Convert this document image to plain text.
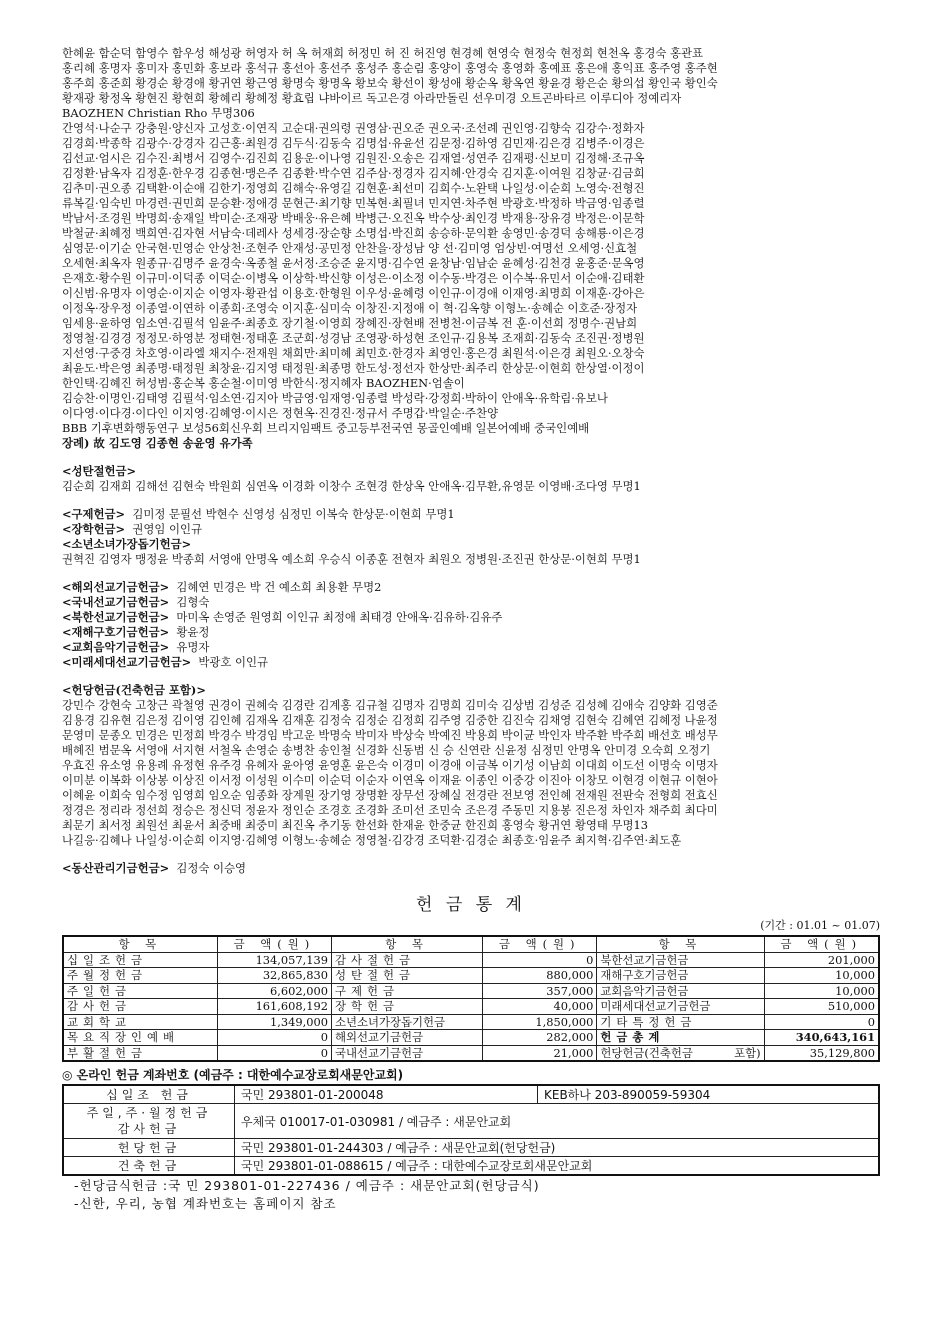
한혜윤 함순덕 함영수 함우성 해성광 허영자 허 옥 허재희 허정민 허 진 허진영 현경혜 현영숙 현정숙 현정희 현천옥 홍경숙 홍관표

홍리혜 홍명자 홍미자 홍민화 홍보라 홍석규 홍선아 홍선주 홍성주 홍순림 홍양이 홍영숙 홍영화 홍예표 홍은애 홍익표 홍주영 홍주현

홍주희 홍준희 황경순 황경애 황귀연 황근영 황명숙 황명옥 황보숙 황선이 황성애 황순옥 황옥연 황윤경 황은순 황의섭 황인국 황인숙

황재광 황정옥 황현진 황현희 황혜리 황혜정 황효립 냐바이르 독고은경 아라만돌린 선우미경 오트곤바타르 이루디아 정예리자

BAOZHEN Christian Rho 무명306

간영석·나순구 강충원·양신자 고성호·이연직 고순대·권의령 권영삼·권오준 권오국·조선례 권인영·김향숙 김강수·정화자

김경희·박종학 김광수·강경자 김근홍·최원경 김두식·김동숙 김명섭·유윤선 김문정·김하영 김민재·김은경 김병주·이경은

김선교·엄시은 김수진·최병서 김영수·김진희 김용운·이나영 김원진·오송은 김재열·성연주 김재평·신보미 김정해·조규옥

김정환·남옥자 김정훈·한우경 김종현·맹은주 김종환·박수연 김주삼·정경자 김지혜·안경숙 김지훈·이여원 김창균·김금희

김추미·권오종 김택환·이순애 김한기·정영희 김해숙·유영길 김현훈·최선미 김희수·노완택 나일성·이순희 노영숙·전형진

류복길·임숙빈 마경련·권민희 문승환·정애경 문현근·최기향 민복현·최필녀 민지연·차주현 박광호·박정하 박금영·임종렬

박남서·조경원 박명희·송재일 박미순·조재광 박배웅·유은혜 박병근·오진옥 박수상·최인경 박재용·장유경 박정은·이문학

박철균·최혜정 백희연·김자현 서남숙·데레사 성세경·장순향 소명섭·박진희 송승하·문익환 송영민·송경덕 송해룡·이은경

심영문·이기순 안국현·민영순 안상천·조현주 안재성·공민정 안찬을·장성남 양 선·김미영 엄상빈·여명선 오세영·신효철

오세현·최옥자 원종규·김명주 윤경숙·옥종철 윤서정·조승준 윤지명·김수연 윤창남·임남순 윤혜성·김천경 윤홍준·문옥영

은재호·황수원 이규미·이덕종 이덕순·이병옥 이상학·박신향 이성은·이소정 이수동·박경은 이수복·유민서 이순애·김태환

이신범·유명자 이영순·이지순 이영자·황관섭 이용호·한형원 이우성·윤혜령 이인규·이경애 이재영·최명희 이재훈·강아은

이정옥·장우정 이종열·이연하 이종희·조영숙 이지훈·심미숙 이창진·지정애 이 혁·김옥향 이형노·송혜순 이호준·장정자

임세용·윤하영 임소연·김필석 임윤주·최종호 장기철·이영희 장혜진·장현배 전병천·이금복 전 훈·이선희 정명수·권남희

정영철·김경경 정정모·하영분 정태현·정태훈 조군희·성경남 조영광·하성현 조인규·김용복 조재희·김동숙 조진권·정병원

지선영·구중경 차호영·이라엘 채지수·전재원 채희만·최미혜 최민호·한경자 최영인·홍은경 최원석·이은경 최원오·오창숙

최윤도·박은영 최종명·태정원 최창윤·김지영 태정원·최종명 한도성·정선자 한상만·최주리 한상문·이현희 한상열·이정이

한인택·김혜진 허성범·홍순복 홍순철·이미영 박한식·정지혜자 BAOZHEN·엄솔이

김승찬·이명인·김태영 김필석·임소연·김지아 박금영·임재영·임종렬 박성락·강정희·박하이 안애옥·유학림·유보나

이다영·이다경·이다인 이지영·김혜영·이시은 정현옥·진경진·정규서 주명갑·박일순·주찬양

BBB 기후변화행동연구 보성56회신우회 브리지임팩트 중고등부전국연 몽골인예배 일본어예배 중국인예배

장례) 故 김도영 김종현 송윤영 유가족

<성탄절헌금>

김순희 김재희 김해선 김현숙 박원희 심연옥 이경화 이창수 조현경 한상옥 안애옥·김무환,유영문 이영배·조다영 무명1

<구제헌금> 김미정 문필선 박현수 신영성 심정민 이복숙 한상문·이현희 무명1

<장학헌금> 권영임 이인규

<소년소녀가장돕기헌금>

권혁진 김영자 맹정윤 박종희 서영애 안명옥 예소희 우승식 이종훈 전현자 최원오 정병원·조진권 한상문·이현희 무명1

<해외선교기금헌금> 김혜연 민경은 박 건 예소희 최용환 무명2

<국내선교기금헌금> 김형숙

<북한선교기금헌금> 마미옥 손영준 원영희 이인규 최정애 최태경 안애옥·김유하·김유주

<재해구호기금헌금> 황윤정

<교회음악기금헌금> 유명자

<미래세대선교기금헌금> 박광호 이인규

<헌당헌금(건축헌금 포함)>

강민수 강현숙 고창근 곽철영 권경이 권혜숙 김경란 김계홍 김규철 김명자 김명희 김미숙 김상범 김성준 김성혜 김애숙 김양화 김영준

김용경 김유현 김은정 김이영 김인혜 김재옥 김재훈 김정숙 김정순 김정희 김주영 김중한 김진숙 김채영 김현숙 김혜연 김혜정 나윤정

문영미 문종오 민경은 민정희 박경수 박경임 박고운 박명숙 박미자 박상숙 박예진 박용희 박이균 박인자 박주환 박주희 배선호 배성무

배혜진 범문옥 서영애 서지현 서철옥 손영순 송병찬 송인철 신경화 신동범 신 승 신연란 신윤정 심정민 안명옥 안미경 오숙희 오정기

우효진 유소영 유용례 유정현 유주경 유혜자 윤아영 윤영훈 윤은숙 이경미 이경애 이금복 이기성 이남희 이대희 이도선 이명숙 이명자

이미분 이복화 이상봉 이상진 이서정 이성원 이수미 이순덕 이순자 이연옥 이재윤 이종인 이중강 이진아 이창모 이현경 이현규 이현아

이혜윤 이희숙 임수정 임영희 임오순 임종화 장계원 장기영 장명환 장무선 장혜실 전경란 전보영 전인혜 전재원 전판숙 전형희 전효신

정경은 정리라 정선희 정승은 정신덕 정윤자 정인순 조경호 조경화 조미선 조민숙 조은경 주동민 지용봉 진은정 차인자 채주희 최다미

최문기 최서정 최원선 최윤서 최중배 최중미 최진옥 추기동 한선화 한재윤 한중균 한진희 홍영숙 황귀연 황영태 무명13

나길응·김혜나 나일성·이순희 이지영·김혜영 이형노·송혜순 정영철·김강경 조덕환·김경순 최종호·임윤주 최지혁·김주연·최도훈

<동산관리기금헌금> 김정숙 이승영

헌 금 통 계
(기간 : 01.01 ~ 01.07)
항 목	금 액(원)	항 목	금 액(원)	항 목	금 액(원)
십일조헌금	134,057,139	감사절헌금	0	북한선교기금헌금	201,000
주월정헌금	32,865,830	성탄절헌금	880,000	재해구호기금헌금	10,000
주일헌금	6,602,000	구제헌금	357,000	교회음악기금헌금	10,000
감사헌금	161,608,192	장학헌금	40,000	미래세대선교기금헌금	510,000
교회학교	1,349,000	소년소녀가장돕기헌금	1,850,000	기타특정헌금	0
목요직장인예배	0	해외선교기금헌금	282,000	헌금총계	340,643,161
부활절헌금	0	국내선교기금헌금	21,000	헌당헌금(건축헌금 포함)	35,129,800
◎ 온라인 헌금 계좌번호 (예금주 : 대한예수교장로회새문안교회)
십일조 헌금	국민 293801-01-200048	KEB하나 203-890059-59304

주일,주·월정헌금
감사헌금	우체국 010017-01-030981 / 예금주 : 새문안교회	
헌당헌금	국민 293801-01-244303 / 예금주 : 새문안교회(헌당헌금)	
건축헌금	국민 293801-01-088615 / 예금주 : 대한예수교장로회새문안교회	
-헌당금식헌금 :국 민 293801-01-227436 / 예금주 : 새문안교회(헌당금식)
-신한, 우리, 농협 계좌번호는 홈페이지 참조
